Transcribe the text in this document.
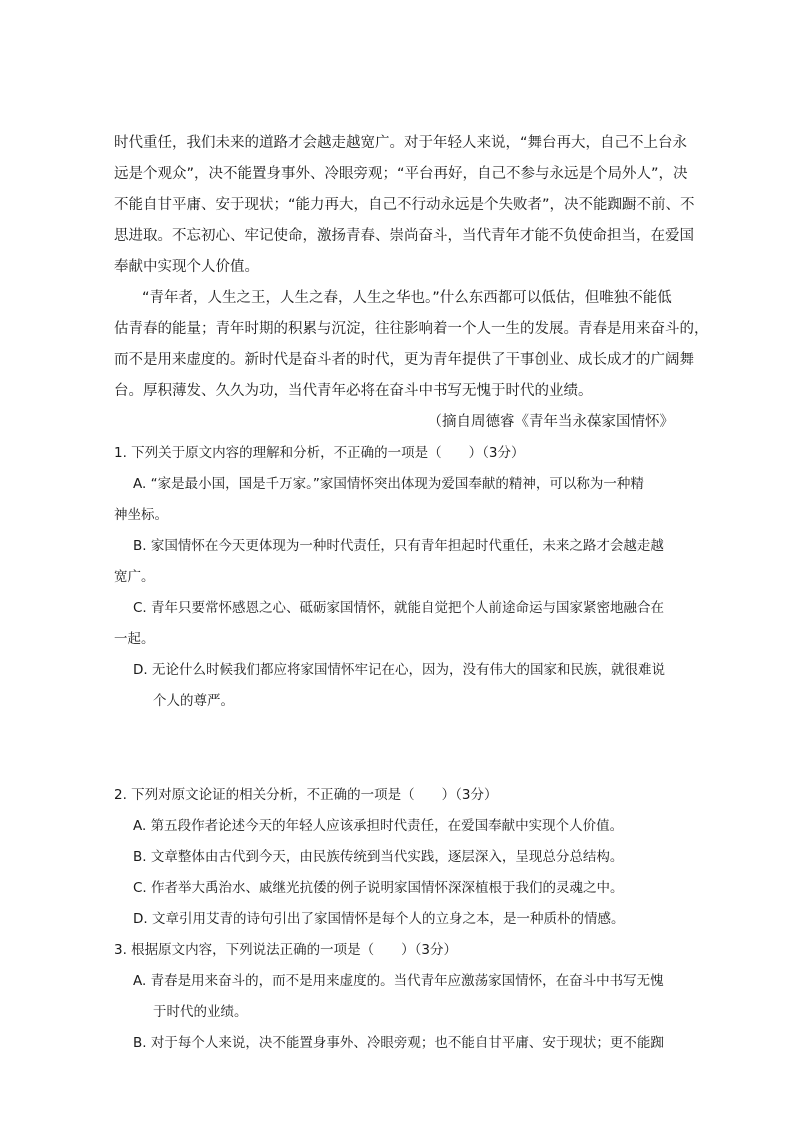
时代重任，我们未来的道路才会越走越宽广。对于年轻人来说，“舞台再大，自己不上台永
远是个观众”，决不能置身事外、冷眼旁观；“平台再好，自己不参与永远是个局外人”，决
不能自甘平庸、安于现状；“能力再大，自己不行动永远是个失败者”，决不能踟蹰不前、不
思进取。不忘初心、牢记使命，激扬青春、崇尚奋斗，当代青年才能不负使命担当，在爱国
奉献中实现个人价值。
“青年者，人生之王，人生之春，人生之华也。”什么东西都可以低估，但唯独不能低
估青春的能量；青年时期的积累与沉淀，往往影响着一个人一生的发展。青春是用来奋斗的，
而不是用来虚度的。新时代是奋斗者的时代，更为青年提供了干事创业、成长成才的广阔舞
台。厚积薄发、久久为功，当代青年必将在奋斗中书写无愧于时代的业绩。
（摘自周德睿《青年当永葆家国情怀》
1. 下列关于原文内容的理解和分析，不正确的一项是（　　）（3分）
A. “家是最小国，国是千万家。”家国情怀突出体现为爱国奉献的精神，可以称为一种精
神坐标。
B. 家国情怀在今天更体现为一种时代责任，只有青年担起时代重任，未来之路才会越走越
宽广。
C. 青年只要常怀感恩之心、砥砺家国情怀，就能自觉把个人前途命运与国家紧密地融合在
一起。
D. 无论什么时候我们都应将家国情怀牢记在心，因为，没有伟大的国家和民族，就很难说
个人的尊严。
2. 下列对原文论证的相关分析，不正确的一项是（　　）（3分）
A. 第五段作者论述今天的年轻人应该承担时代责任，在爱国奉献中实现个人价值。
B. 文章整体由古代到今天，由民族传统到当代实践，逐层深入，呈现总分总结构。
C. 作者举大禹治水、戚继光抗倭的例子说明家国情怀深深植根于我们的灵魂之中。
D. 文章引用艾青的诗句引出了家国情怀是每个人的立身之本，是一种质朴的情感。
3. 根据原文内容，下列说法正确的一项是（　　）（3分）
A. 青春是用来奋斗的，而不是用来虚度的。当代青年应激荡家国情怀，在奋斗中书写无愧
于时代的业绩。
B. 对于每个人来说，决不能置身事外、冷眼旁观；也不能自甘平庸、安于现状；更不能踟
